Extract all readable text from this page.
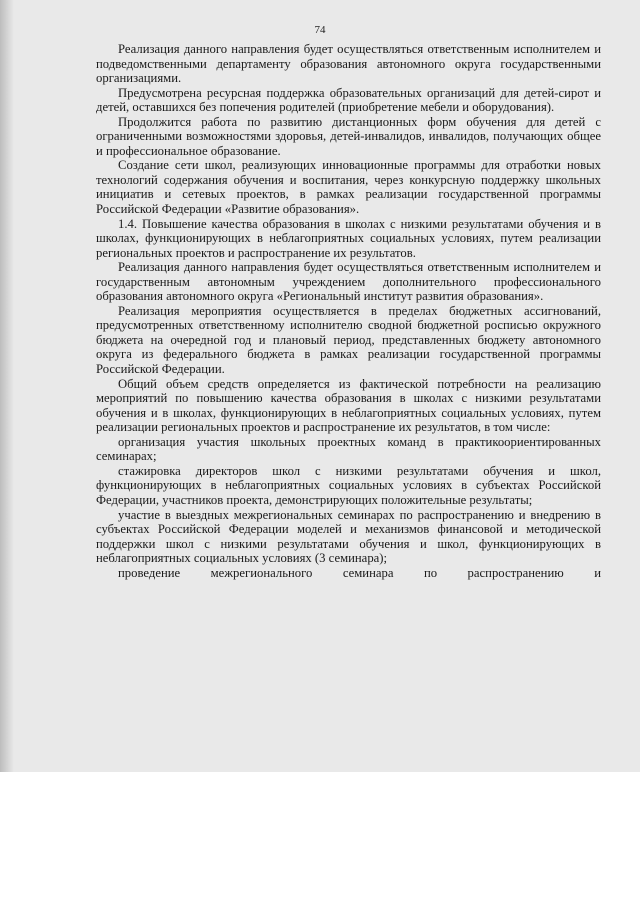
74

Реализация данного направления будет осуществляться ответственным исполнителем и подведомственными департаменту образования автономного округа государственными организациями.

Предусмотрена ресурсная поддержка образовательных организаций для детей-сирот и детей, оставшихся без попечения родителей (приобретение мебели и оборудования).

Продолжится работа по развитию дистанционных форм обучения для детей с ограниченными возможностями здоровья, детей-инвалидов, инвалидов, получающих общее и профессиональное образование.

Создание сети школ, реализующих инновационные программы для отработки новых технологий содержания обучения и воспитания, через конкурсную поддержку школьных инициатив и сетевых проектов, в рамках реализации государственной программы Российской Федерации «Развитие образования».

1.4. Повышение качества образования в школах с низкими результатами обучения и в школах, функционирующих в неблагоприятных социальных условиях, путем реализации региональных проектов и распространение их результатов.

Реализация данного направления будет осуществляться ответственным исполнителем и государственным автономным учреждением дополнительного профессионального образования автономного округа «Региональный институт развития образования».

Реализация мероприятия осуществляется в пределах бюджетных ассигнований, предусмотренных ответственному исполнителю сводной бюджетной росписью окружного бюджета на очередной год и плановый период, представленных бюджету автономного округа из федерального бюджета в рамках реализации государственной программы Российской Федерации.

Общий объем средств определяется из фактической потребности на реализацию мероприятий по повышению качества образования в школах с низкими результатами обучения и в школах, функционирующих в неблагоприятных социальных условиях, путем реализации региональных проектов и распространение их результатов, в том числе:

организация участия школьных проектных команд в практикоориентированных семинарах;

стажировка директоров школ с низкими результатами обучения и школ, функционирующих в неблагоприятных социальных условиях в субъектах Российской Федерации, участников проекта, демонстрирующих положительные результаты;

участие в выездных межрегиональных семинарах по распространению и внедрению в субъектах Российской Федерации моделей и механизмов финансовой и методической поддержки школ с низкими результатами обучения и школ, функционирующих в неблагоприятных социальных условиях (3 семинара);

проведение межрегионального семинара по распространению и
